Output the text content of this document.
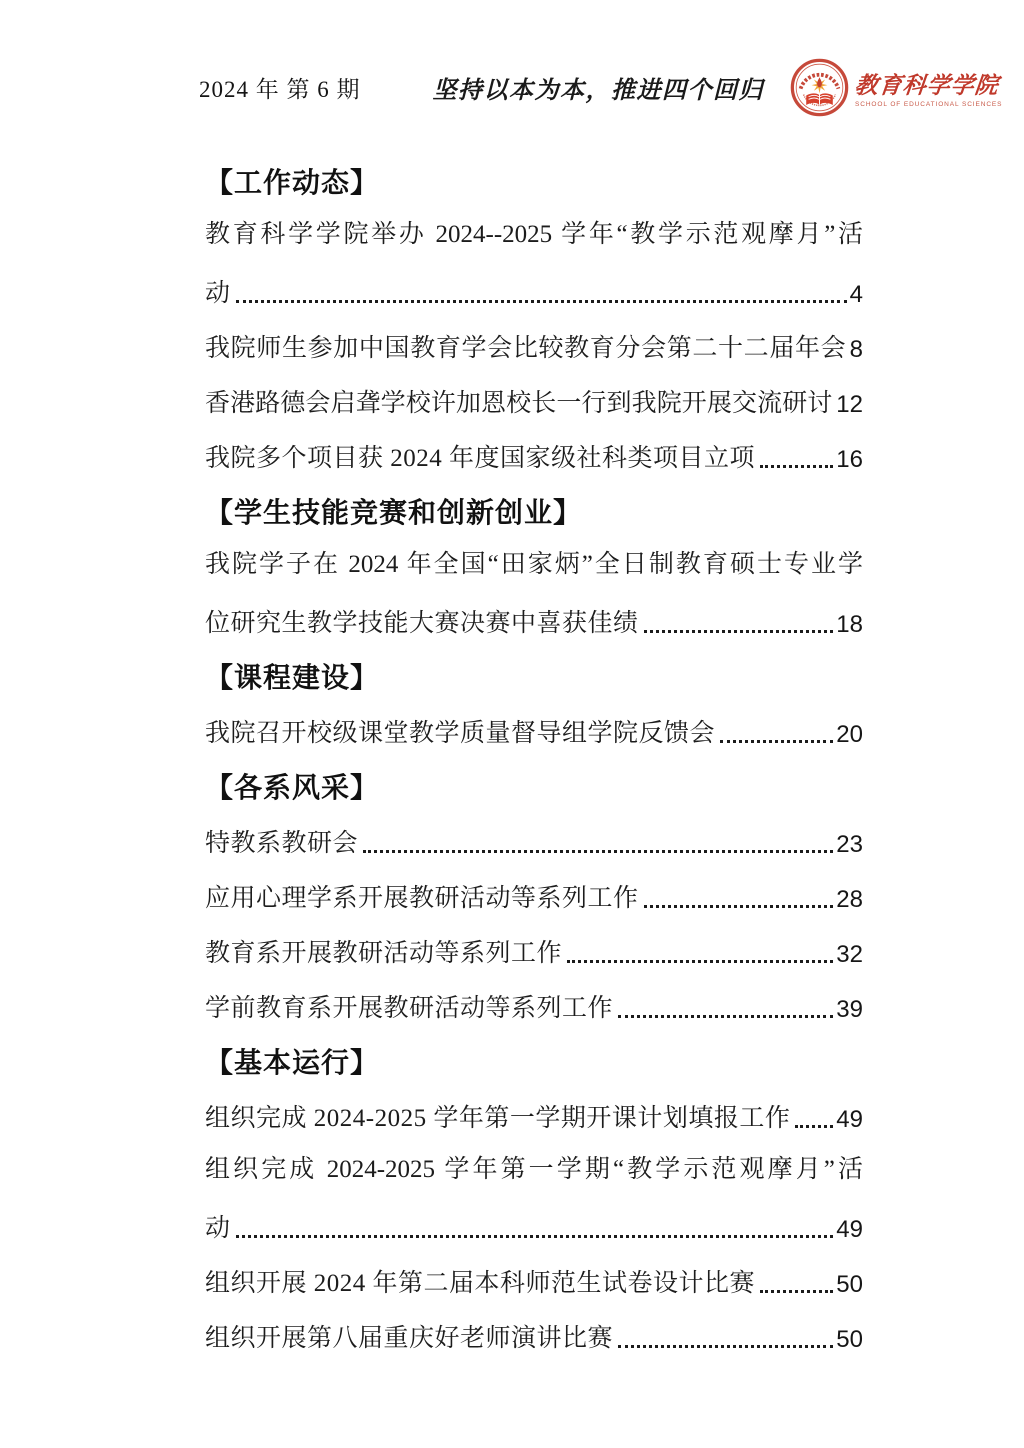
2024 年 第 6 期	坚持以本为本，推进四个回归	教育科学学院
SCHOOL OF EDUCATIONAL SCIENCES
【工作动态】
教育科学学院举办 2024--2025 学年“教学示范观摩月”活
动	4
我院师生参加中国教育学会比较教育分会第二十二届年会 8
香港路德会启聋学校许加恩校长一行到我院开展交流研讨 12
我院多个项目获 2024 年度国家级社科类项目立项	16
【学生技能竞赛和创新创业】
我院学子在 2024 年全国“田家炳”全日制教育硕士专业学
位研究生教学技能大赛决赛中喜获佳绩	18
【课程建设】
我院召开校级课堂教学质量督导组学院反馈会	20
【各系风采】
特教系教研会	23
应用心理学系开展教研活动等系列工作	28
教育系开展教研活动等系列工作	32
学前教育系开展教研活动等系列工作	39
【基本运行】
组织完成 2024-2025 学年第一学期开课计划填报工作 49
组织完成 2024-2025 学年第一学期“教学示范观摩月”活
动	49
组织开展 2024 年第二届本科师范生试卷设计比赛	50
组织开展第八届重庆好老师演讲比赛	50
